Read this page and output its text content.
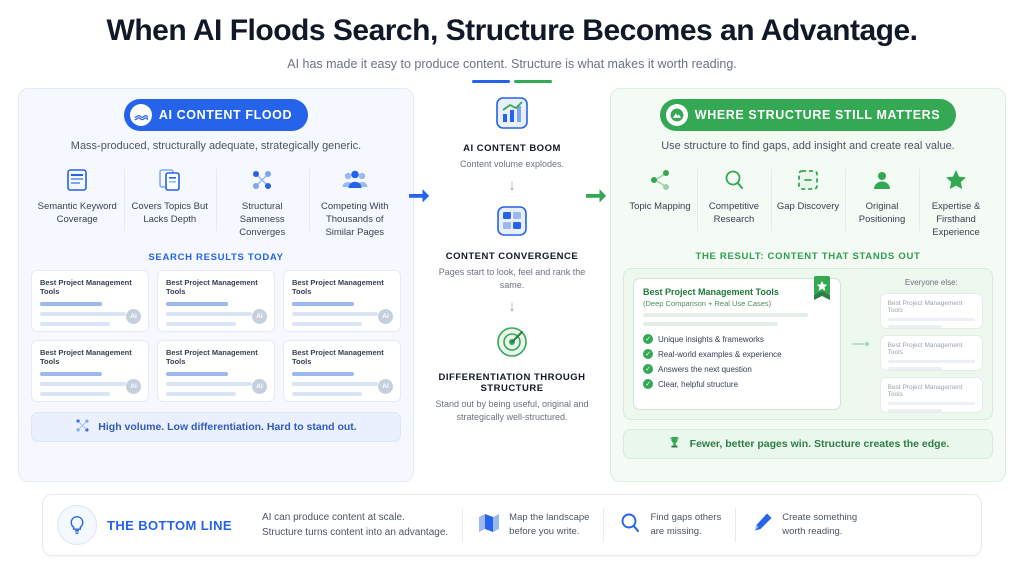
When AI Floods Search, Structure Becomes an Advantage.
AI has made it easy to produce content. Structure is what makes it worth reading.
AI CONTENT FLOOD
Mass-produced, structurally adequate, strategically generic.
Semantic Keyword Coverage
Covers Topics But Lacks Depth
Structural Sameness Converges
Competing With Thousands of Similar Pages
SEARCH RESULTS TODAY
Best Project Management Tools
AI
Best Project Management Tools
AI
Best Project Management Tools
AI
Best Project Management Tools
AI
Best Project Management Tools
AI
Best Project Management Tools
AI
High volume. Low differentiation. Hard to stand out.
AI CONTENT BOOM
Content volume explodes.
↓
CONTENT CONVERGENCE
Pages start to look, feel and rank the same.
↓
DIFFERENTIATION THROUGH STRUCTURE
Stand out by being useful, original and strategically well-structured.
WHERE STRUCTURE STILL MATTERS
Use structure to find gaps, add insight and create real value.
Topic Mapping	Competitive Research
Gap Discovery	Original Positioning
Expertise & Firsthand Experience
THE RESULT: CONTENT THAT STANDS OUT
Best Project Management Tools
(Deep Comparison + Real Use Cases)
✓ Unique insights & frameworks
✓ Real-world examples & experience
✓ Answers the next question
✓ Clear, helpful structure
⟶
Everyone else:
Best Project Management Tools
Best Project Management Tools
Best Project Management Tools
Fewer, better pages win. Structure creates the edge.
➞	➞
THE BOTTOM LINE	AI can produce content at scale.
Structure turns content into an advantage.
Map the landscape
before you write.
Find gaps others
are missing.
Create something
worth reading.
